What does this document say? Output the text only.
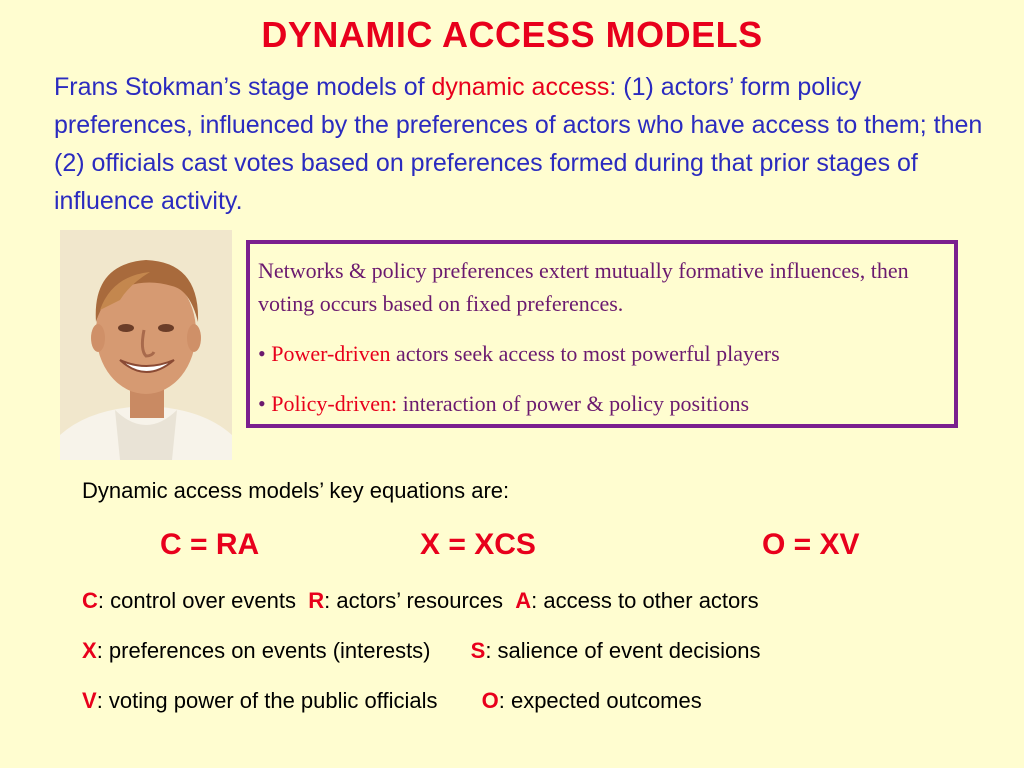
DYNAMIC ACCESS MODELS
Frans Stokman’s stage models of dynamic access: (1) actors’ form policy preferences, influenced by the preferences of actors who have access to them; then (2) officials cast votes based on preferences formed during that prior stages of influence activity.

Networks & policy preferences extert mutually formative influences, then voting occurs based on fixed preferences.

• Power-driven actors seek access to most powerful players

• Policy-driven: interaction of power & policy positions

Dynamic access models’ key equations are:
C = RA	X = XCS	O = XV
C: control over events R: actors’ resources A: access to other actors
X: preferences on events (interests) S: salience of event decisions
V: voting power of the public officials O: expected outcomes
